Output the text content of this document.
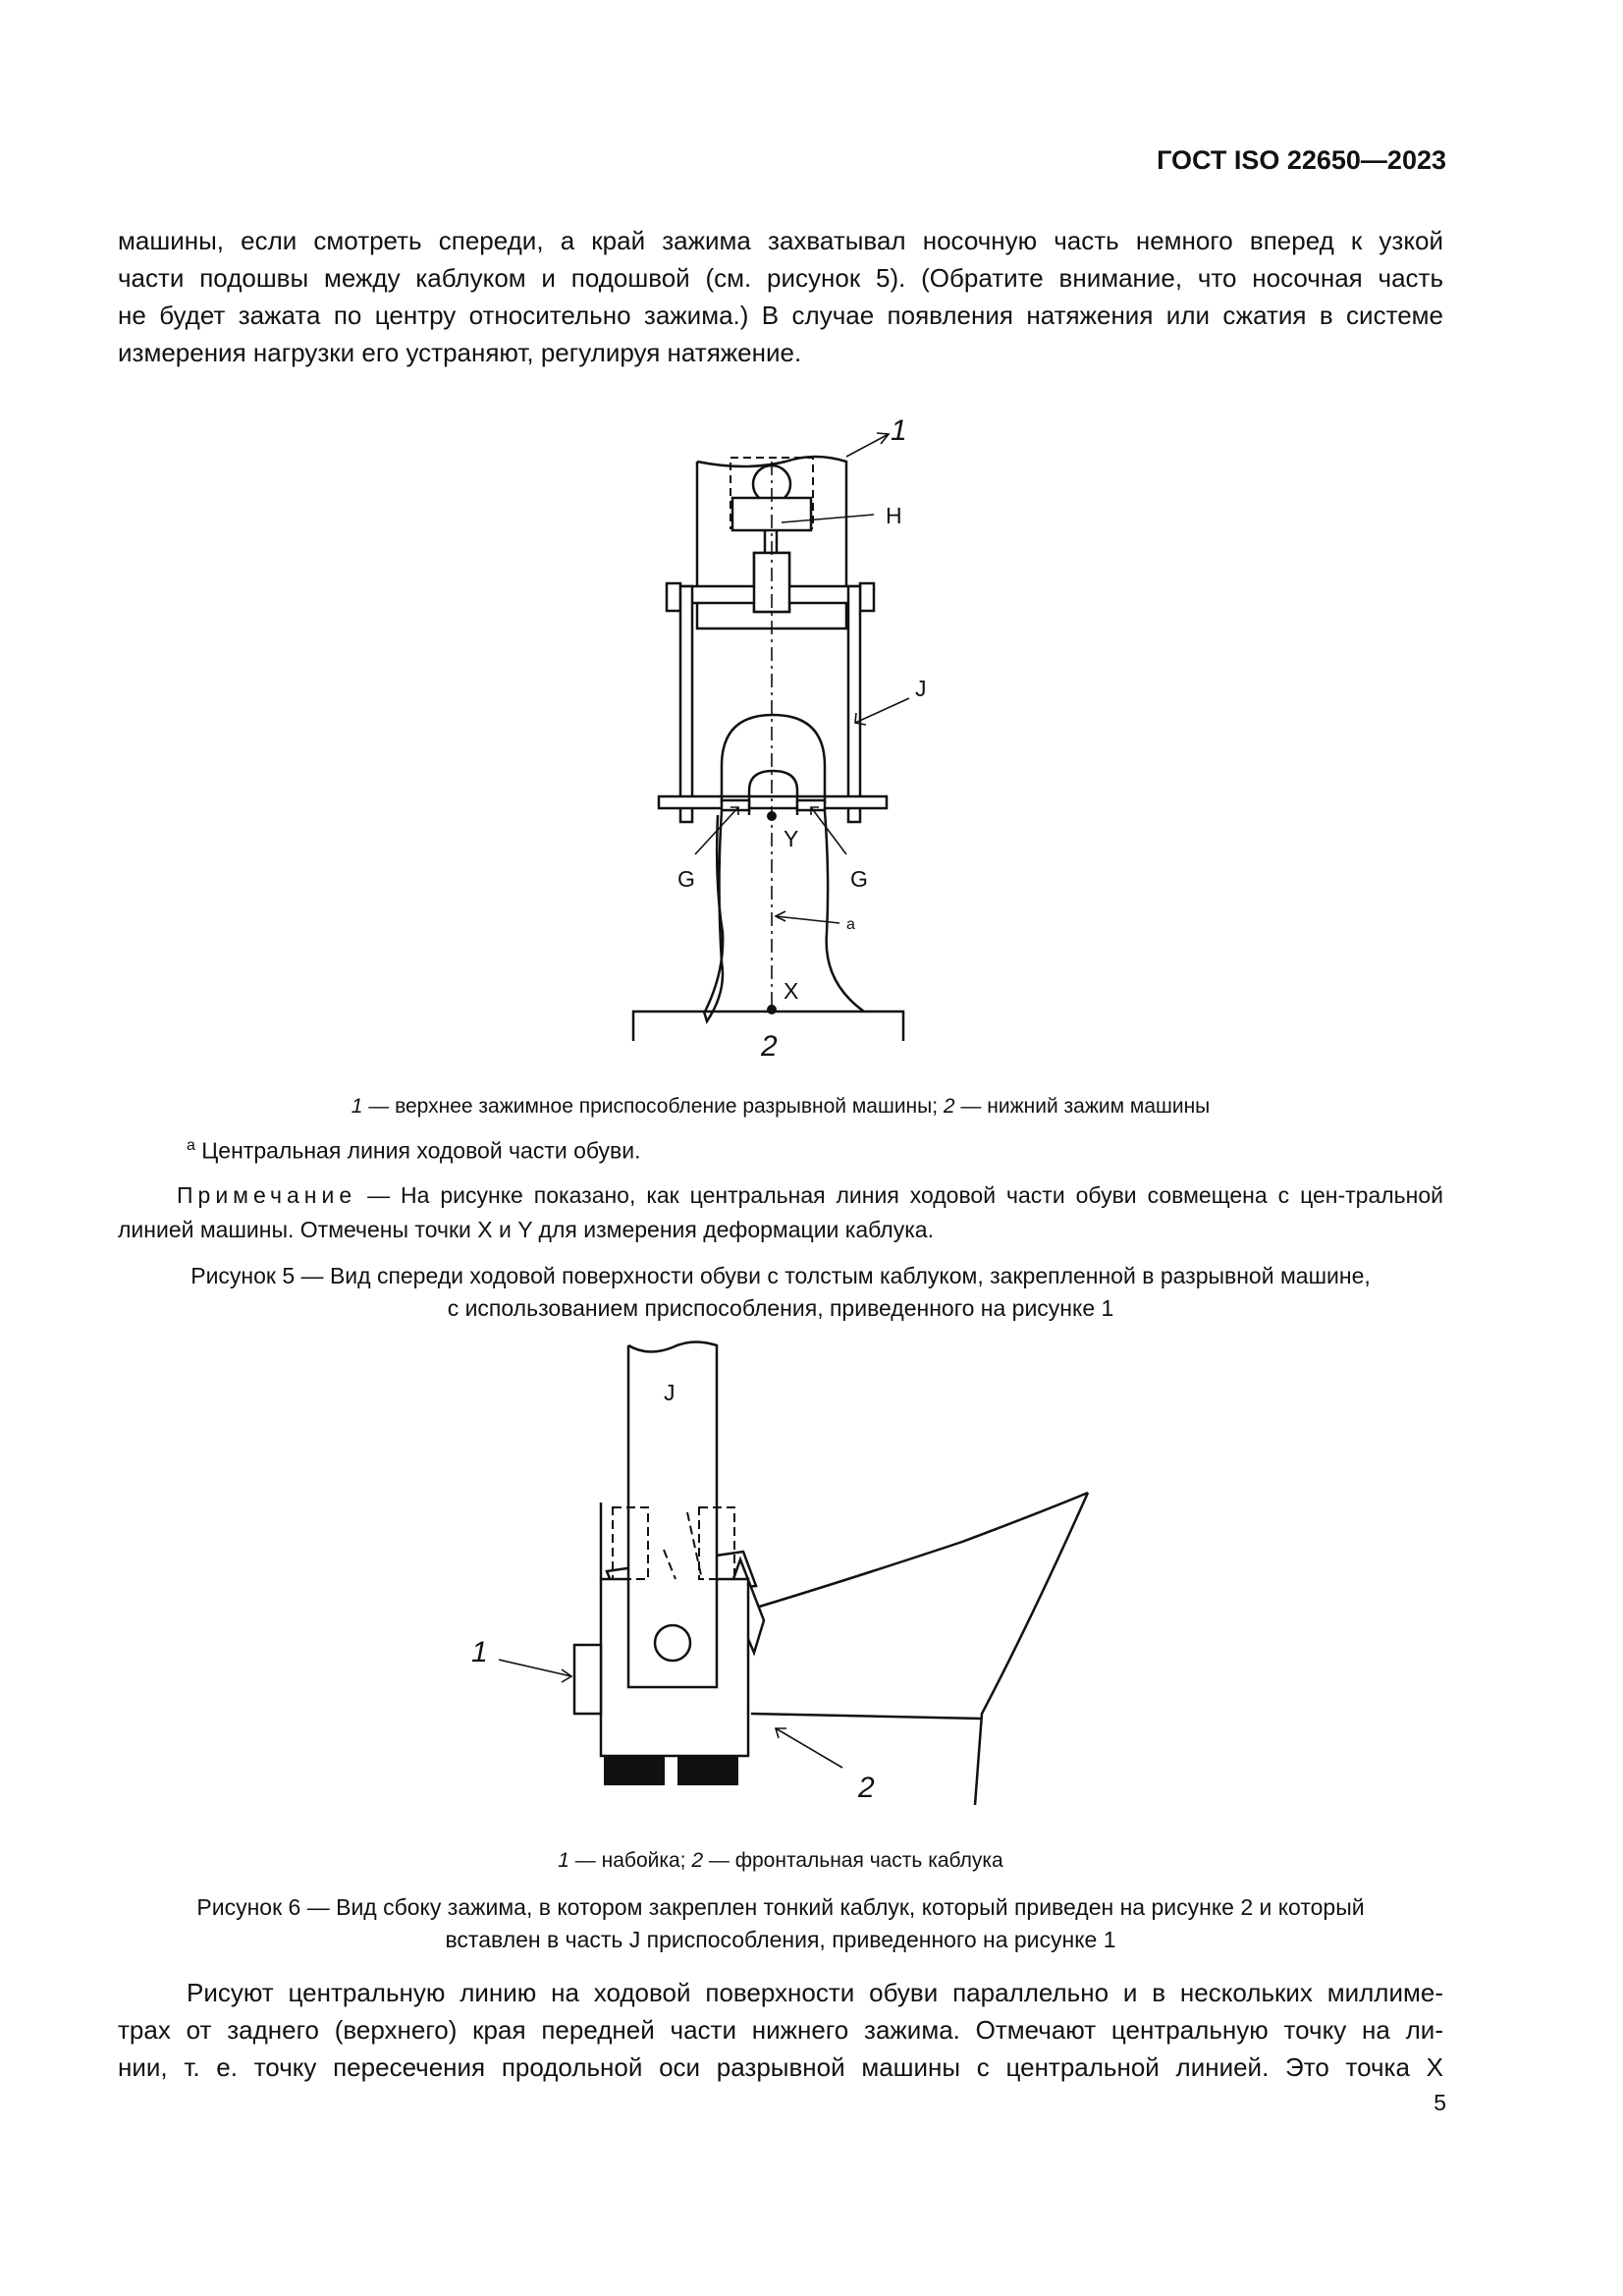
ГОСТ ISO 22650—2023
машины, если смотреть спереди, а край зажима захватывал носочную часть немного вперед к узкой
части подошвы между каблуком и подошвой (см. рисунок 5). (Обратите внимание, что носочная часть
не будет зажата по центру относительно зажима.) В случае появления натяжения или сжатия в системе
измерения нагрузки его устраняют, регулируя натяжение.
1
H
J
Y
G	G
a
X
2
1 — верхнее зажимное приспособление разрывной машины; 2 — нижний зажим машины
$^a$ Центральная линия ходовой части обуви.
Примечание — На рисунке показано, как центральная линия ходовой части обуви совмещена с цен-тральной линией машины. Отмечены точки X и Y для измерения деформации каблука.
Рисунок 5 — Вид спереди ходовой поверхности обуви с толстым каблуком, закрепленной в разрывной машине,
с использованием приспособления, приведенного на рисунке 1
J
1
2
1 — набойка; 2 — фронтальная часть каблука
Рисунок 6 — Вид сбоку зажима, в котором закреплен тонкий каблук, который приведен на рисунке 2 и который
вставлен в часть J приспособления, приведенного на рисунке 1
Рисуют центральную линию на ходовой поверхности обуви параллельно и в нескольких миллиме-
трах от заднего (верхнего) края передней части нижнего зажима. Отмечают центральную точку на ли-
нии, т. е. точку пересечения продольной оси разрывной машины с центральной линией. Это точка X
5
